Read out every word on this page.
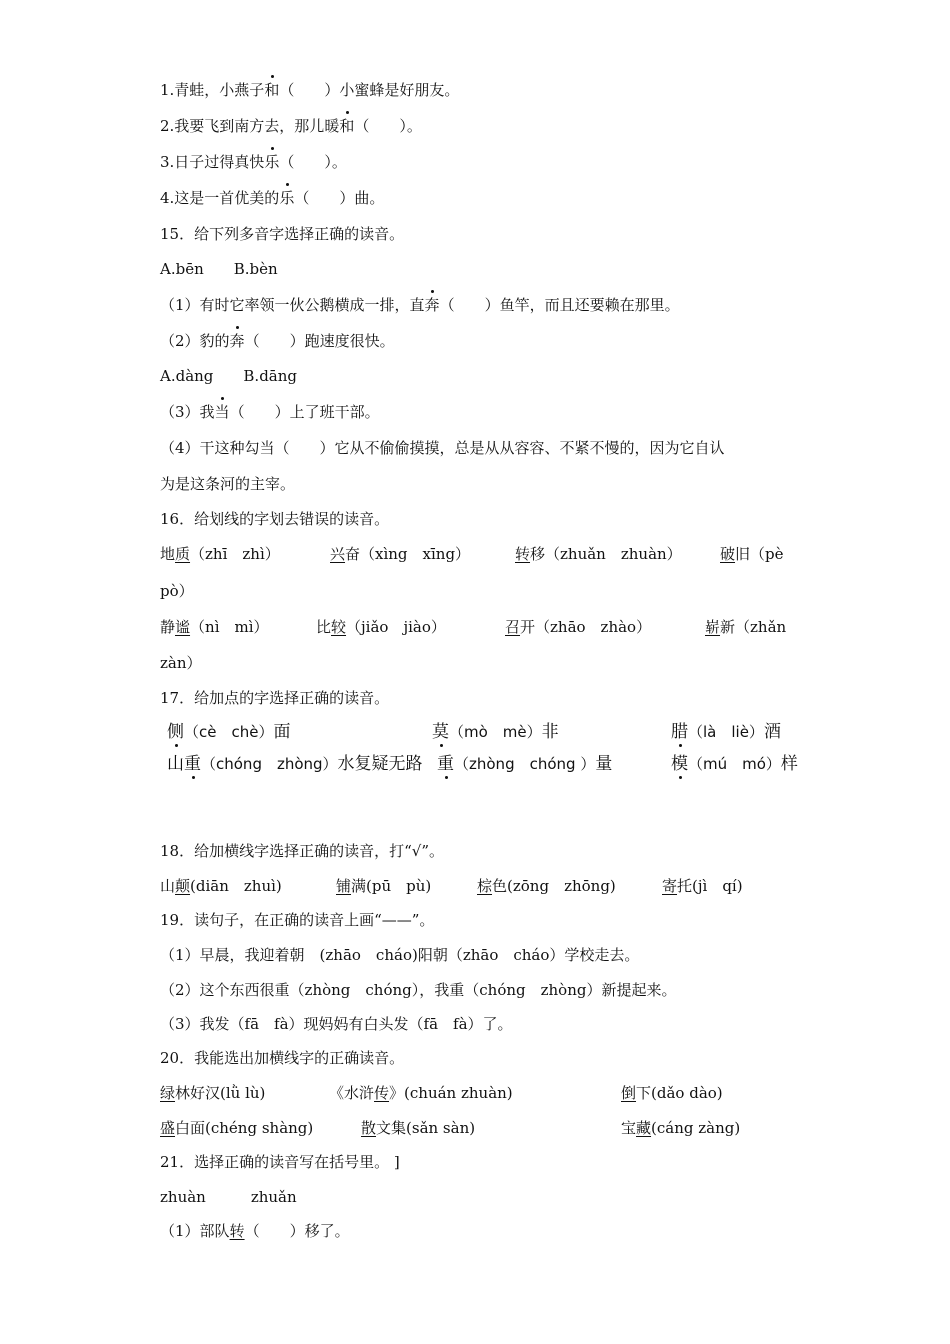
1.青蛙，小燕子和（　　）小蜜蜂是好朋友。
2.我要飞到南方去，那儿暖和（　　）。
3.日子过得真快乐（　　）。
4.这是一首优美的乐（　　）曲。
15．给下列多音字选择正确的读音。
A.bēn　　B.bèn
（1）有时它率领一伙公鹅横成一排，直奔（　　）鱼竿，而且还要赖在那里。
（2）豹的奔（　　）跑速度很快。
A.dàng　　B.dāng
（3）我当（　　）上了班干部。
（4）干这种勾当（　　）它从不偷偷摸摸，总是从从容容、不紧不慢的，因为它自认
为是这条河的主宰。
16．给划线的字划去错误的读音。
地质（zhī　zhì）	兴奋（xìng　xīng）	转移（zhuǎn　zhuàn）	破旧（pè
pò）
静谧（nì　mì）	比较（jiǎo　jiào）	召开（zhāo　zhào）	崭新（zhǎn
zàn）
17．给加点的字选择正确的读音。
侧（cè　chè）面	莫（mò　mè）非	腊（là　liè）酒
山重（chóng　zhòng）水复疑无路 重（zhòng　chóng ）量	模（mú　mó）样
18．给加横线字选择正确的读音，打“√”。
山颠(diān　zhuì)	铺满(pū　pù)	棕色(zōng　zhōng)	寄托(jì　qí)
19．读句子，在正确的读音上画“——”。
（1）早晨，我迎着朝　(zhāo　cháo)阳朝（zhāo　cháo）学校走去。
（2）这个东西很重（zhòng　chóng），我重（chóng　zhòng）新提起来。
（3）我发（fā　fà）现妈妈有白头发（fā　fà）了。
20．我能选出加横线字的正确读音。
绿林好汉(lǜ lù)	《水浒传》(chuán zhuàn)	倒下(dǎo dào)
盛白面(chéng shàng)	散文集(sǎn sàn)	宝藏(cáng zàng)
21．选择正确的读音写在括号里。 ]
zhuàn　　　zhuǎn
（1）部队转（　　）移了。
